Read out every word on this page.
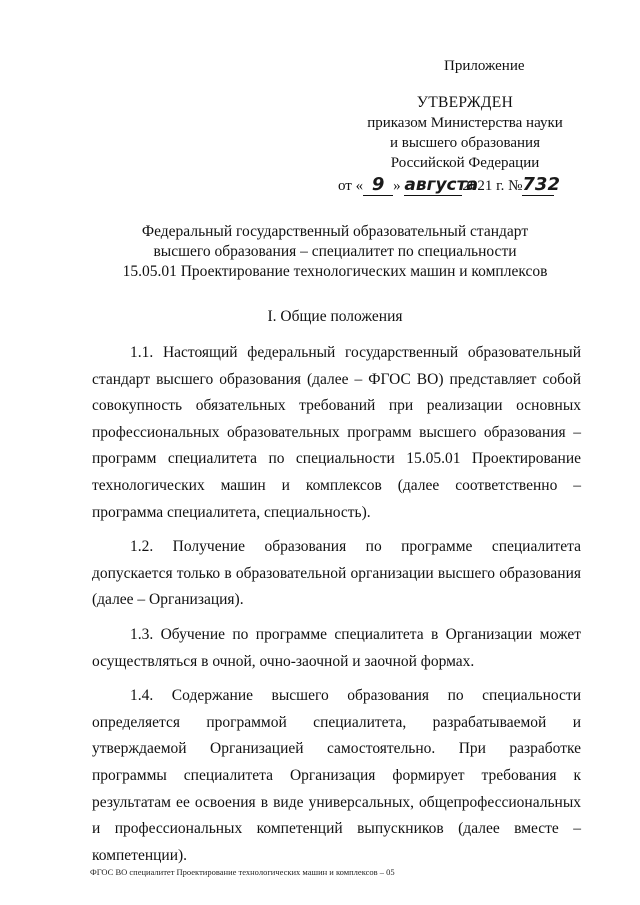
Приложение
УТВЕРЖДЕН
приказом Министерства науки
и высшего образования
Российской Федерации
от « 9 » августа2021 г. №732
Федеральный государственный образовательный стандарт
высшего образования – специалитет по специальности
15.05.01 Проектирование технологических машин и комплексов
I. Общие положения

1.1. Настоящий федеральный государственный образовательный стандарт высшего образования (далее – ФГОС ВО) представляет собой совокупность обязательных требований при реализации основных профессиональных образовательных программ высшего образования – программ специалитета по специальности 15.05.01 Проектирование технологических машин и комплексов (далее соответственно – программа специалитета, специальность).

1.2. Получение образования по программе специалитета допускается только в образовательной организации высшего образования (далее – Организация).

1.3. Обучение по программе специалитета в Организации может осуществляться в очной, очно-заочной и заочной формах.

1.4. Содержание высшего образования по специальности определяется программой специалитета, разрабатываемой и утверждаемой Организацией самостоятельно. При разработке программы специалитета Организация формирует требования к результатам ее освоения в виде универсальных, общепрофессиональных и профессиональных компетенций выпускников (далее вместе – компетенции).

ФГОС ВО специалитет Проектирование технологических машин и комплексов – 05
